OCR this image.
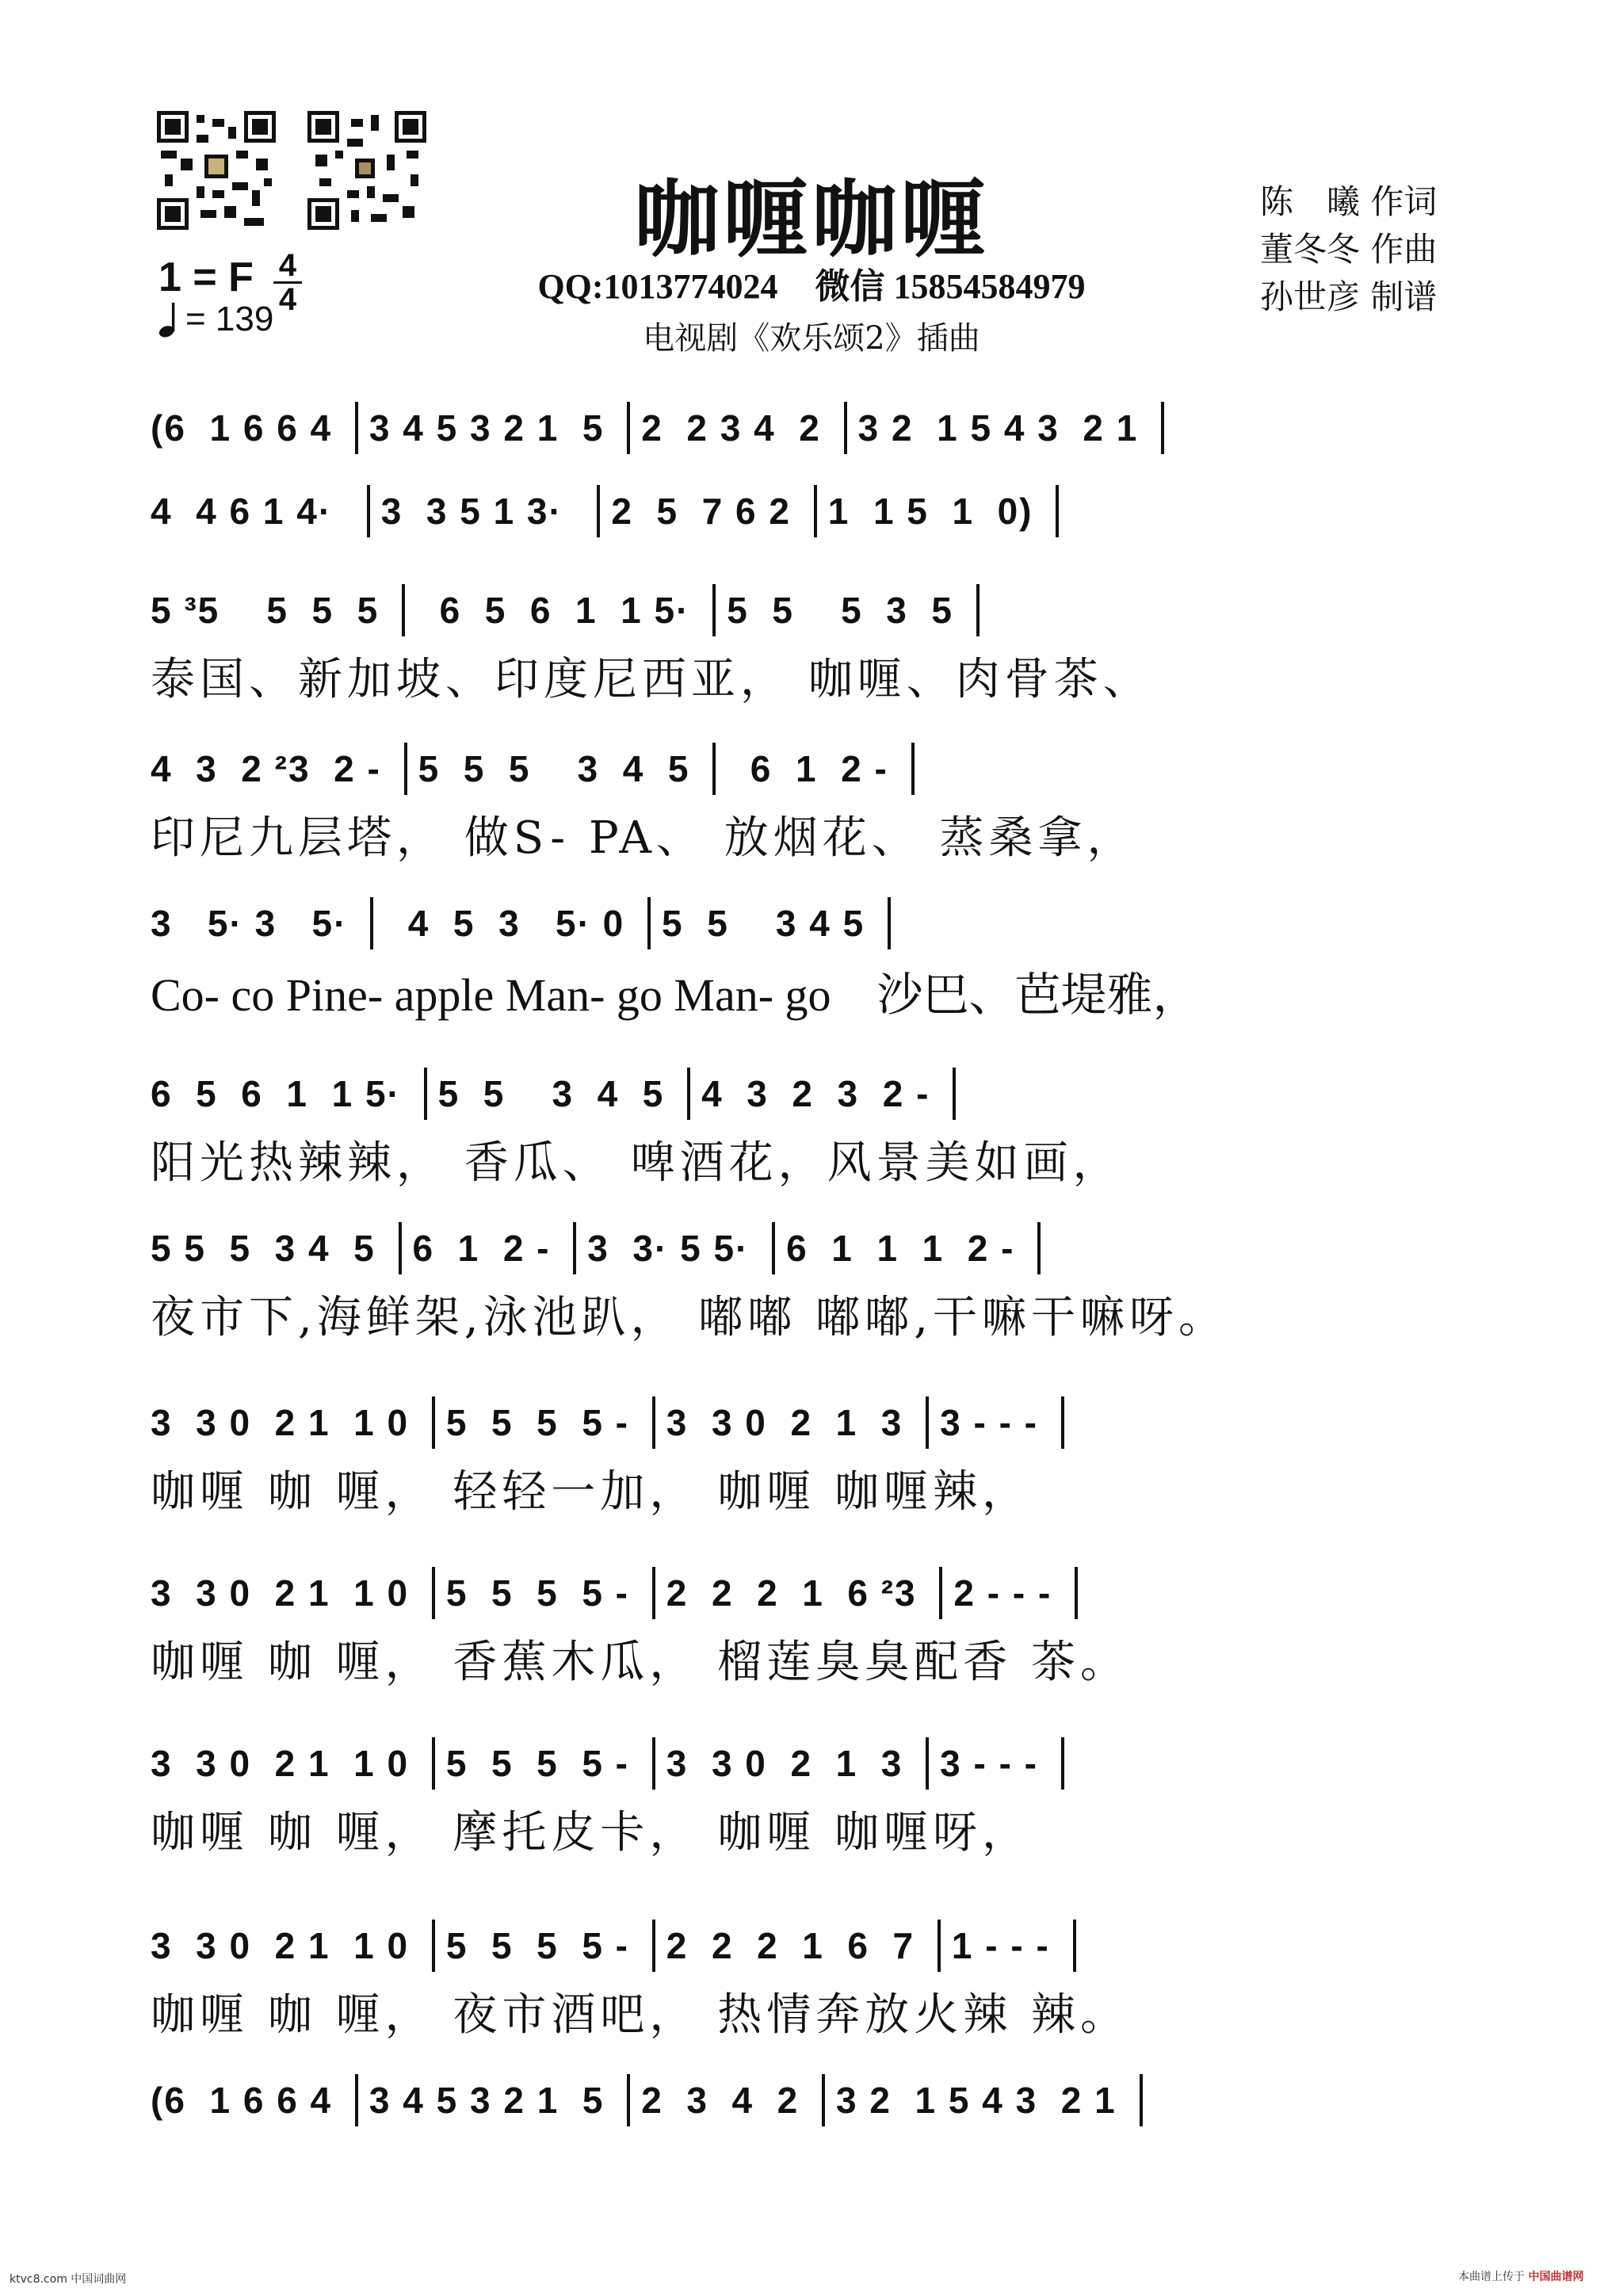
咖喱咖喱
QQ:1013774024 微信 15854584979
电视剧《欢乐颂2》插曲
陈　曦 作词
董冬冬 作曲
孙世彦 制谱
1 = F 4
4
= 139
(6  1 6 6 4 3 4 5 3 2 1  5 2  2 3 4  2 3 2  1 5 4 3  2 1
4  4 6 1 4· 3  3 5 1 3· 2  5  7 6 2 1  1 5  1  0)
5 ³5    5  5  5 6  5  6  1  1 5· 5  5    5  3  5
泰国、新加坡、印度尼西亚， 咖喱、肉骨茶、
4  3  2 ²3  2 - 5  5  5    3  4  5 6  1  2 -
印尼九层塔， 做S- PA、 放烟花、 蒸桑拿，
3   5· 3   5· 4  5  3   5· 0 5  5    3 4 5
Co- co Pine- apple Man- go Man- go    沙巴、芭堤雅，
6  5  6  1  1 5· 5  5    3  4  5 4  3  2  3  2 -
阳光热辣辣， 香瓜、 啤酒花，风景美如画，
5 5  5  3 4  5 6  1  2 - 3  3· 5 5· 6  1  1  1  2 -
夜市下,海鲜架,泳池趴， 嘟嘟 嘟嘟,干嘛干嘛呀。
3  3 0  2 1  1 0 5  5  5  5 - 3  3 0  2  1  3 3 - - -
咖喱 咖 喱， 轻轻一加， 咖喱 咖喱辣，
3  3 0  2 1  1 0 5  5  5  5 - 2  2  2  1  6 ²3 2 - - -
咖喱 咖 喱， 香蕉木瓜， 榴莲臭臭配香 茶。
3  3 0  2 1  1 0 5  5  5  5 - 3  3 0  2  1  3 3 - - -
咖喱 咖 喱， 摩托皮卡， 咖喱 咖喱呀，
3  3 0  2 1  1 0 5  5  5  5 - 2  2  2  1  6  7 1 - - -
咖喱 咖 喱， 夜市酒吧， 热情奔放火辣 辣。
(6  1 6 6 4 3 4 5 3 2 1  5 2  3  4  2 3 2  1 5 4 3  2 1
ktvc8.com 中国词曲网	本曲谱上传于 中国曲谱网
